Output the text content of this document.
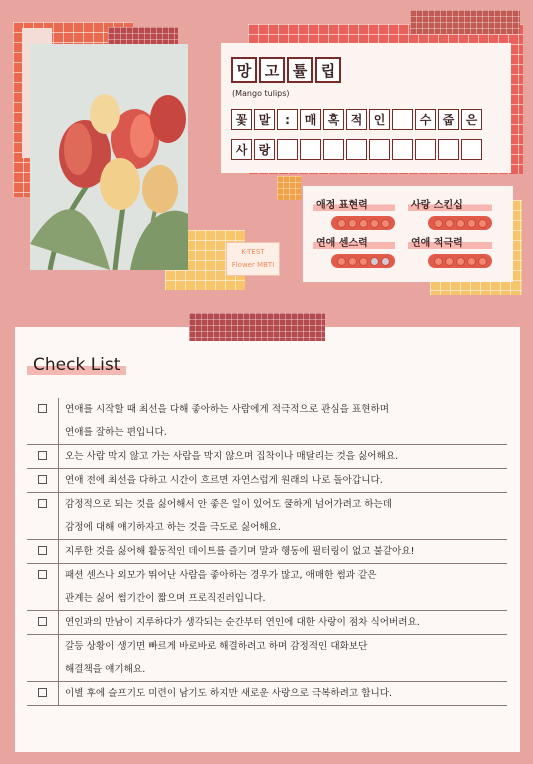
망 고 튤 립
(Mango tulips)
꽃 말	:	매 혹 적 인	수 줍 은
사 랑
애정 표현력	사랑 스킨십
연애 센스력	연애 적극력
K-TEST
Flower MBTI
Check List
연애를 시작할 때 최선을 다해 좋아하는 사람에게 적극적으로 관심을 표현하며
연애를 잘하는 편입니다.
오는 사람 막지 않고 가는 사람을 막지 않으며 집착이나 매달리는 것을 싫어해요.
연애 전에 최선을 다하고 시간이 흐르면 자연스럽게 원래의 나로 돌아갑니다.
감정적으로 되는 것을 싫어해서 안 좋은 일이 있어도 쿨하게 넘어가려고 하는데
감정에 대해 얘기하자고 하는 것을 극도로 싫어해요.
지루한 것을 싫어해 활동적인 데이트를 즐기며 말과 행동에 필터링이 없고 불같아요!
패션 센스나 외모가 뛰어난 사람을 좋아하는 경우가 많고, 애매한 썸과 같은
관계는 싫어 썸기간이 짧으며 프로직진러입니다.
연인과의 만남이 지루하다가 생각되는 순간부터 연인에 대한 사랑이 점차 식어버려요.
갈등 상황이 생기면 빠르게 바로바로 해결하려고 하며 감정적인 대화보단
해결책을 얘기해요.
이별 후에 슬프기도 미련이 남기도 하지만 새로운 사랑으로 극복하려고 합니다.
